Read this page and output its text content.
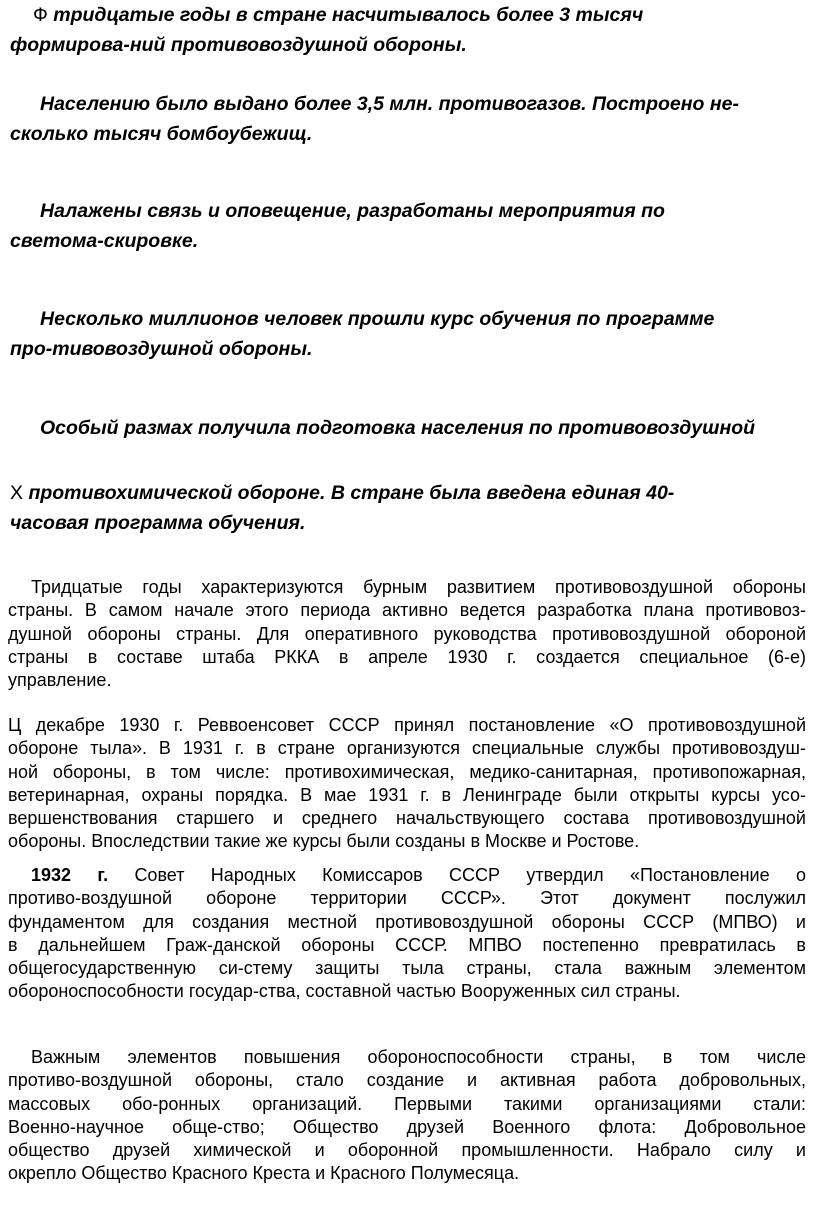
Ф тридцатые годы в стране насчитывалось более 3 тысяч
формирова-ний противовоздушной обороны.
Населению было выдано более 3,5 млн. противогазов. Построено не-
сколько тысяч бомбоубежищ.
Налажены связь и оповещение, разработаны мероприятия по
светома-скировке.
Несколько миллионов человек прошли курс обучения по программе
про-тивовоздушной обороны.
Особый размах получила подготовка населения по противовоздушной
Х противохимической обороне. В стране была введена единая 40-
часовая программа обучения.
Тридцатые годы характеризуются бурным развитием противовоздушной обороны
страны. В самом начале этого периода активно ведется разработка плана противовоз-
душной обороны страны. Для оперативного руководства противовоздушной обороной
страны в составе штаба РККА в апреле 1930 г. создается специальное (6-е)
управление.
Ц декабре 1930 г. Реввоенсовет СССР принял постановление «О противовоздушной
обороне тыла». В 1931 г. в стране организуются специальные службы противовоздуш-
ной обороны, в том числе: противохимическая, медико-санитарная, противопожарная,
ветеринарная, охраны порядка. В мае 1931 г. в Ленинграде были открыты курсы усо-
вершенствования старшего и среднего начальствующего состава противовоздушной
обороны. Впоследствии такие же курсы были созданы в Москве и Ростове.
1932 г. Совет Народных Комиссаров СССР утвердил «Постановление о
противо-воздушной обороне территории СССР». Этот документ послужил
фундаментом для создания местной противовоздушной обороны СССР (МПВО) и
в дальнейшем Граж-данской обороны СССР. МПВО постепенно превратилась в
общегосударственную си-стему защиты тыла страны, стала важным элементом
обороноспособности государ-ства, составной частью Вооруженных сил страны.
Важным элементов повышения обороноспособности страны, в том числе
противо-воздушной обороны, стало создание и активная работа добровольных,
массовых обо-ронных организаций. Первыми такими организациями стали:
Военно-научное обще-ство; Общество друзей Военного флота: Добровольное
общество друзей химической и оборонной промышленности. Набрало силу и
окрепло Общество Красного Креста и Красного Полумесяца.
